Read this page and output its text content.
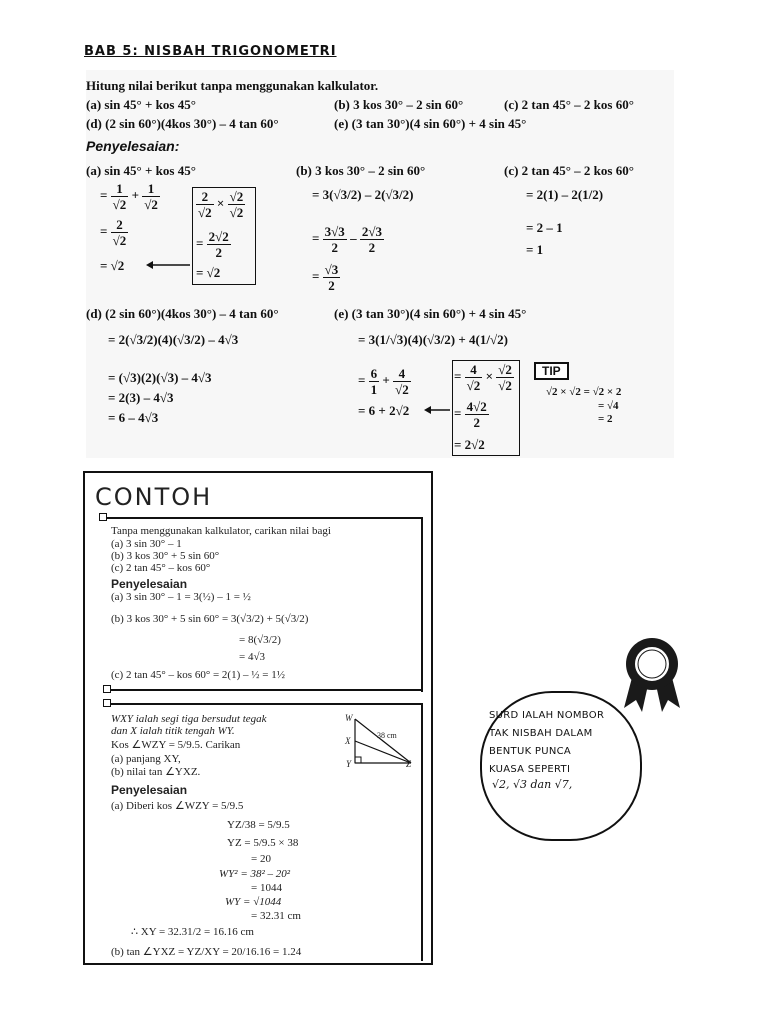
BAB 5: NISBAH TRIGONOMETRI
Hitung nilai berikut tanpa menggunakan kalkulator.
(a) sin 45° + kos 45°	(b) 3 kos 30° – 2 sin 60°	(c) 2 tan 45° – 2 kos 60°
(d) (2 sin 60°)(4kos 30°) – 4 tan 60°	(e) (3 tan 30°)(4 sin 60°) + 4 sin 45°
Penyelesaian:
(a) sin 45° + kos 45°
= $\frac{1}{√2} + \frac{1}{√2}$
= $\frac{2}{√2}$
= √2
$\frac{2}{√2} \times \frac{√2}{√2}$
= $\frac{2√2}{2}$
= √2
(b) 3 kos 30° – 2 sin 60°
= 3(√3/2) – 2(√3/2)
= $\frac{3√3}{2} - \frac{2√3}{2}$
= $\frac{√3}{2}$
(c) 2 tan 45° – 2 kos 60°
= 2(1) – 2(1/2)
= 2 – 1
= 1
(d) (2 sin 60°)(4kos 30°) – 4 tan 60°
= 2(√3/2)(4)(√3/2) – 4√3
= (√3)(2)(√3) – 4√3
= 2(3) – 4√3
= 6 – 4√3
(e) (3 tan 30°)(4 sin 60°) + 4 sin 45°
= 3(1/√3)(4)(√3/2) + 4(1/√2)
= $\frac{6}{1} + \frac{4}{√2}$
= 6 + 2√2
= $\frac{4}{√2} \times \frac{√2}{√2}$
= $\frac{4√2}{2}$
= 2√2
TIP
√2 × √2 = √2 × 2
= √4
= 2
CONTOH
Tanpa menggunakan kalkulator, carikan nilai bagi
(a) 3 sin 30° – 1
(b) 3 kos 30° + 5 sin 60°
(c) 2 tan 45° – kos 60°
Penyelesaian
(a) 3 sin 30° – 1 = 3(½) – 1 = ½
(b) 3 kos 30° + 5 sin 60° = 3(√3/2) + 5(√3/2)
= 8(√3/2)
= 4√3
(c) 2 tan 45° – kos 60° = 2(1) – ½ = 1½
WXY ialah segi tiga bersudut tegak
dan X ialah titik tengah WY.
Kos ∠WZY = 5/9.5. Carikan
(a) panjang XY,
(b) nilai tan ∠YXZ.
W
X
Y	Z
38 cm
Penyelesaian
(a) Diberi kos ∠WZY = 5/9.5
YZ/38 = 5/9.5
YZ = 5/9.5 × 38
= 20
WY² = 38² – 20²
= 1044
WY = √1044
= 32.31 cm
∴ XY = 32.31/2 = 16.16 cm
(b) tan ∠YXZ = YZ/XY = 20/16.16 = 1.24
SURD IALAH NOMBOR
TAK NISBAH DALAM
BENTUK PUNCA
KUASA SEPERTI
√2, √3 dan √7,
